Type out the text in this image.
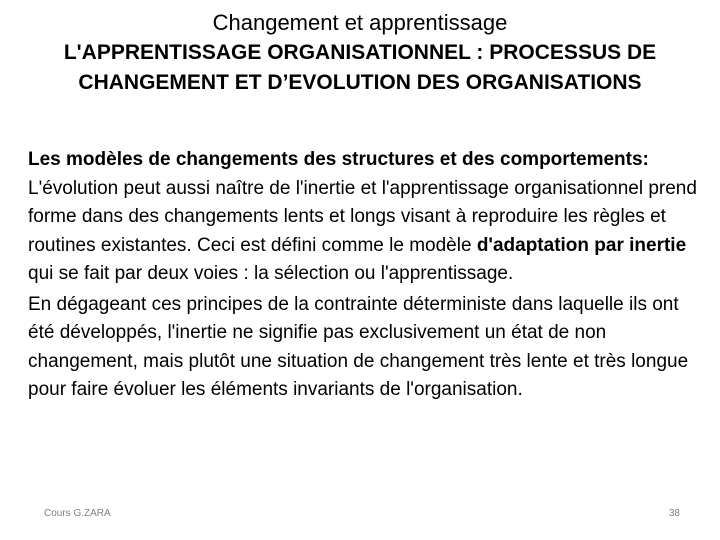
Changement et apprentissage
L'APPRENTISSAGE ORGANISATIONNEL : PROCESSUS DE CHANGEMENT ET D’EVOLUTION DES ORGANISATIONS

Les modèles de changements des structures et des comportements:

L'évolution peut aussi naître de l'inertie et l'apprentissage organisationnel prend forme dans des changements lents et longs visant à reproduire les règles et routines existantes. Ceci est défini comme le modèle d'adaptation par inertie qui se fait par deux voies : la sélection ou l'apprentissage.

En dégageant ces principes de la contrainte déterministe dans laquelle ils ont été développés, l'inertie ne signifie pas exclusivement un état de non changement, mais plutôt une situation de changement très lente et très longue pour faire évoluer les éléments invariants de l'organisation.

Cours G.ZARA	38
